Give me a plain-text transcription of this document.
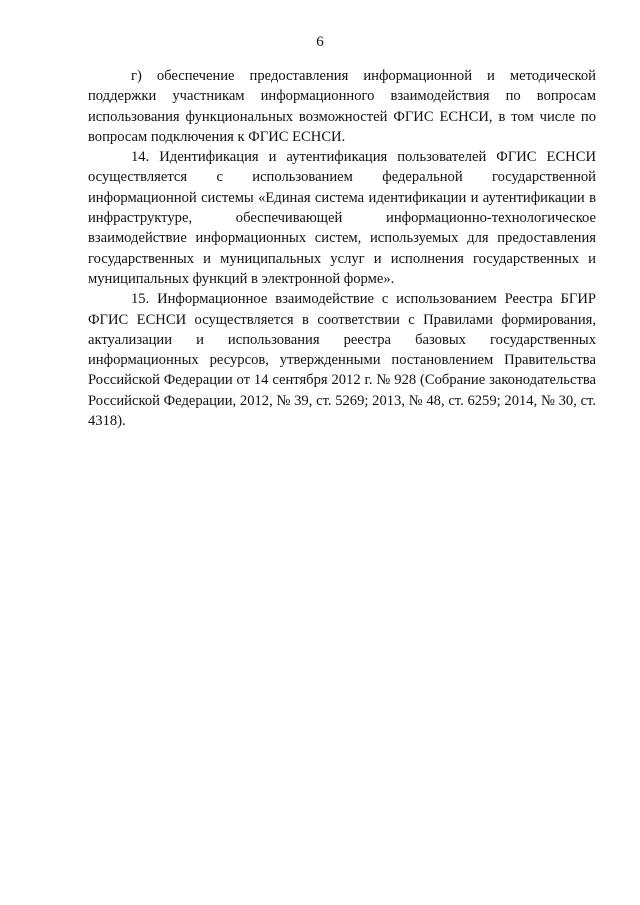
6

г) обеспечение предоставления информационной и методической поддержки участникам информационного взаимодействия по вопросам использования функциональных возможностей ФГИС ЕСНСИ, в том числе по вопросам подключения к ФГИС ЕСНСИ.

14. Идентификация и аутентификация пользователей ФГИС ЕСНСИ осуществляется с использованием федеральной государственной информационной системы «Единая система идентификации и аутентификации в инфраструктуре, обеспечивающей информационно-технологическое взаимодействие информационных систем, используемых для предоставления государственных и муниципальных услуг и исполнения государственных и муниципальных функций в электронной форме».

15. Информационное взаимодействие с использованием Реестра БГИР ФГИС ЕСНСИ осуществляется в соответствии с Правилами формирования, актуализации и использования реестра базовых государственных информационных ресурсов, утвержденными постановлением Правительства Российской Федерации от 14 сентября 2012 г. № 928 (Собрание законодательства Российской Федерации, 2012, № 39, ст. 5269; 2013, № 48, ст. 6259; 2014, № 30, ст. 4318).
